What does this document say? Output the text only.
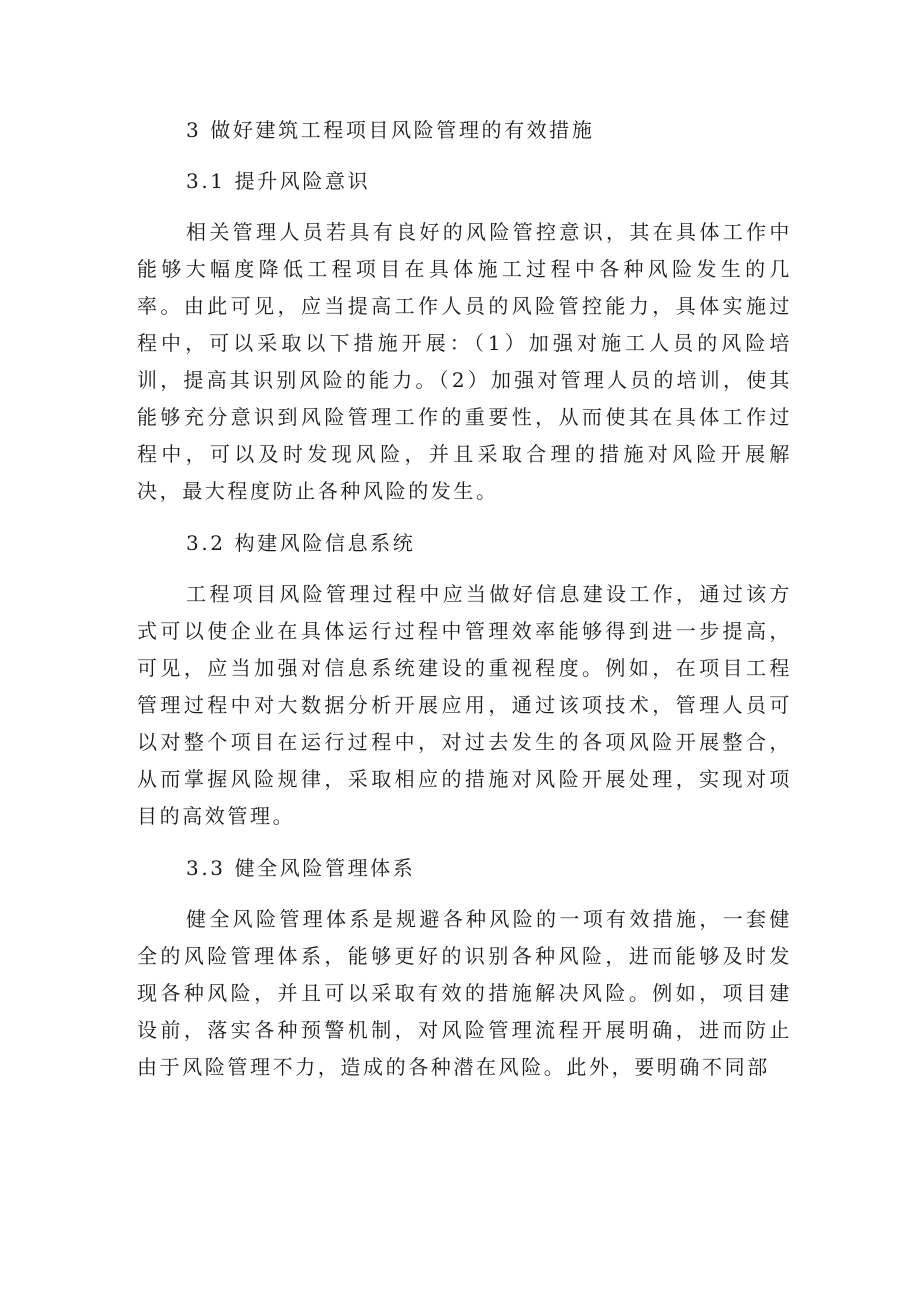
3 做好建筑工程项目风险管理的有效措施
3.1 提升风险意识
相关管理人员若具有良好的风险管控意识，其在具体工作中能够大幅度降低工程项目在具体施工过程中各种风险发生的几率。由此可见，应当提高工作人员的风险管控能力，具体实施过程中，可以采取以下措施开展：（1）加强对施工人员的风险培训，提高其识别风险的能力。（2）加强对管理人员的培训，使其能够充分意识到风险管理工作的重要性，从而使其在具体工作过程中，可以及时发现风险，并且采取合理的措施对风险开展解决，最大程度防止各种风险的发生。
3.2 构建风险信息系统
工程项目风险管理过程中应当做好信息建设工作，通过该方式可以使企业在具体运行过程中管理效率能够得到进一步提高，可见，应当加强对信息系统建设的重视程度。例如，在项目工程管理过程中对大数据分析开展应用，通过该项技术，管理人员可以对整个项目在运行过程中，对过去发生的各项风险开展整合，从而掌握风险规律，采取相应的措施对风险开展处理，实现对项目的高效管理。
3.3 健全风险管理体系
健全风险管理体系是规避各种风险的一项有效措施，一套健全的风险管理体系，能够更好的识别各种风险，进而能够及时发现各种风险，并且可以采取有效的措施解决风险。例如，项目建设前，落实各种预警机制，对风险管理流程开展明确，进而防止由于风险管理不力，造成的各种潜在风险。此外，要明确不同部
